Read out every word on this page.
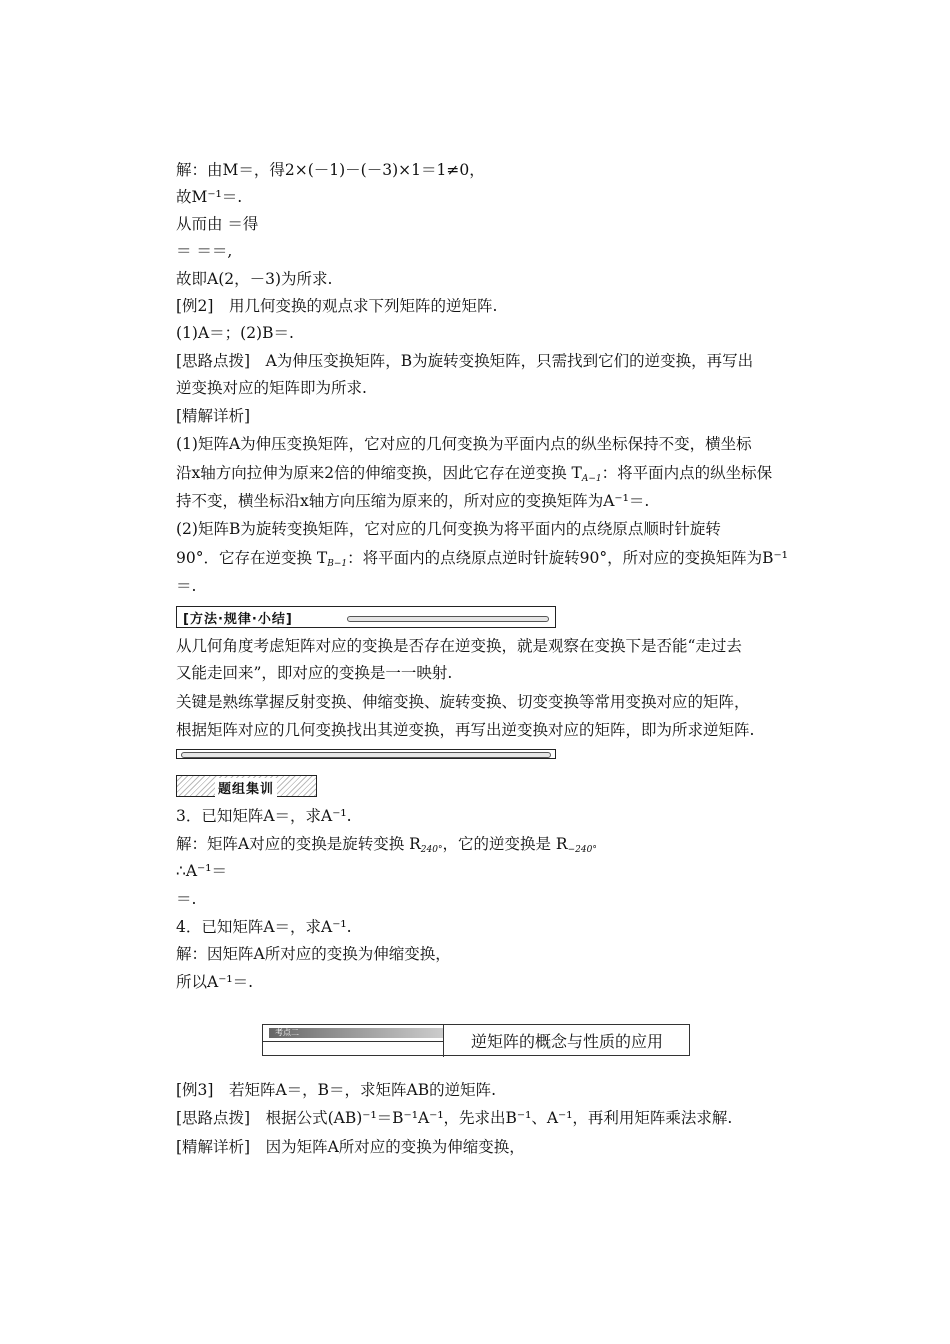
解：由M＝，得2×(－1)－(－3)×1＝1≠0，

故M⁻¹＝.

从而由 ＝得

＝ ＝＝,

故即A(2，－3)为所求.

[例2]　用几何变换的观点求下列矩阵的逆矩阵.

(1)A＝；(2)B＝.

[思路点拨]　A为伸压变换矩阵，B为旋转变换矩阵，只需找到它们的逆变换，再写出

逆变换对应的矩阵即为所求.

[精解详析]

(1)矩阵A为伸压变换矩阵，它对应的几何变换为平面内点的纵坐标保持不变，横坐标

沿x轴方向拉伸为原来2倍的伸缩变换，因此它存在逆变换 $T_{A-1}$：将平面内点的纵坐标保

持不变，横坐标沿x轴方向压缩为原来的，所对应的变换矩阵为A⁻¹＝.

(2)矩阵B为旋转变换矩阵，它对应的几何变换为将平面内的点绕原点顺时针旋转

90°．它存在逆变换 $T_{B-1}$：将平面内的点绕原点逆时针旋转90°，所对应的变换矩阵为B⁻¹

＝.

[方法·规律·小结]

从几何角度考虑矩阵对应的变换是否存在逆变换，就是观察在变换下是否能“走过去

又能走回来”，即对应的变换是一一映射.

关键是熟练掌握反射变换、伸缩变换、旋转变换、切变变换等常用变换对应的矩阵，

根据矩阵对应的几何变换找出其逆变换，再写出逆变换对应的矩阵，即为所求逆矩阵.

题组集训

3．已知矩阵A＝，求A⁻¹.

解：矩阵A对应的变换是旋转变换 $R_{240^\circ}$，它的逆变换是 $R_{-240^\circ}$

∴A⁻¹＝

＝.

4．已知矩阵A＝，求A⁻¹.

解：因矩阵A所对应的变换为伸缩变换，

所以A⁻¹＝.

考点二	逆矩阵的概念与性质的应用

[例3]　若矩阵A＝，B＝，求矩阵AB的逆矩阵.

[思路点拨]　根据公式(AB)⁻¹＝B⁻¹A⁻¹，先求出B⁻¹、A⁻¹，再利用矩阵乘法求解.

[精解详析]　因为矩阵A所对应的变换为伸缩变换，
